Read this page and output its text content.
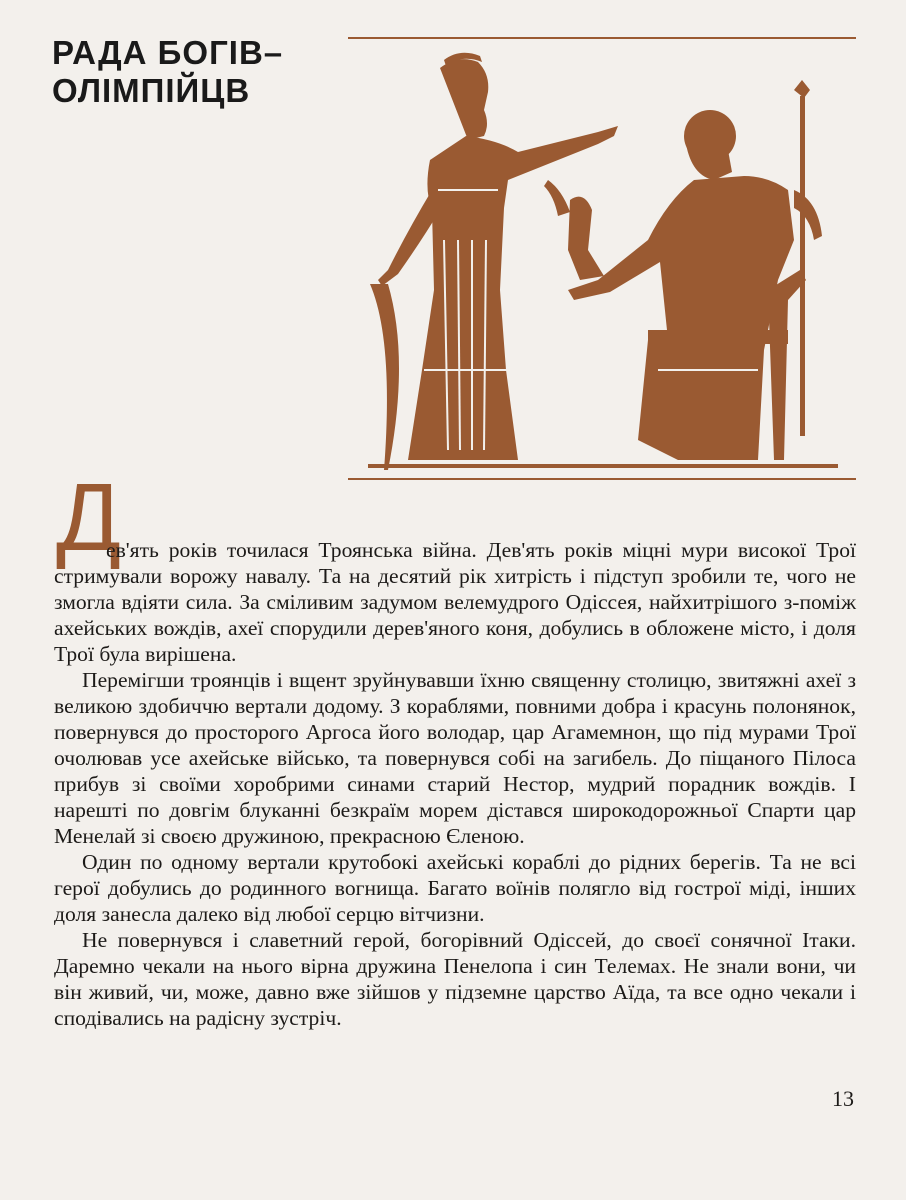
РАДА БОГІВ–
ОЛІМПІЙЦВ
Д

ев'ять років точилася Троянська війна. Дев'ять років міцні мури високої Трої стримували ворожу навалу. Та на десятий рік хитрість і підступ зробили те, чого не змогла вдіяти сила. За сміливим задумом велемудрого Одіссея, найхитрішого з-поміж ахейських вождів, ахеї спорудили дерев'яного коня, добулись в обложене місто, і доля Трої була вирішена.

Перемігши троянців і вщент зруйнувавши їхню священну столицю, звитяжні ахеї з великою здобиччю вертали додому. З кораблями, повними добра і красунь полонянок, повернувся до просторого Аргоса його володар, цар Агамемнон, що під мурами Трої очолював усе ахейське військо, та повернувся собі на загибель. До піщаного Пілоса прибув зі своїми хоробрими синами старий Нестор, мудрий порадник вождів. І нарешті по довгім блуканні безкраїм морем дістався широкодорожньої Спарти цар Менелай зі своєю дружиною, прекрасною Єленою.

Один по одному вертали крутобокі ахейські кораблі до рідних берегів. Та не всі герої добулись до родинного вогнища. Багато воїнів полягло від гострої міді, інших доля занесла далеко від любої серцю вітчизни.

Не повернувся і славетний герой, богорівний Одіссей, до своєї сонячної Ітаки. Даремно чекали на нього вірна дружина Пенелопа і син Телемах. Не знали вони, чи він живий, чи, може, давно вже зійшов у підземне царство Аїда, та все одно чекали і сподівались на радісну зустріч.

13
